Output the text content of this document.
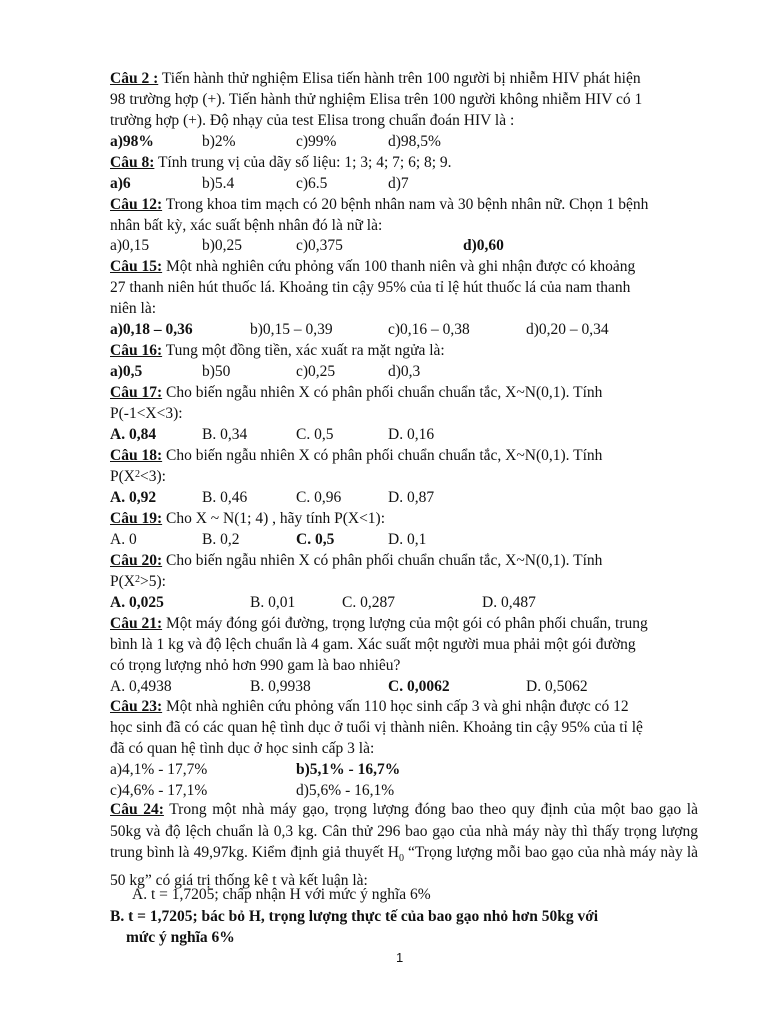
Câu 2 : Tiến hành thử nghiệm Elisa tiến hành trên 100 người bị nhiễm HIV phát hiện
98 trường hợp (+). Tiến hành thử nghiệm Elisa trên 100 người không nhiễm HIV có 1
trường hợp (+). Độ nhạy của test Elisa trong chuẩn đoán HIV là :
a)98%	b)2%	c)99%	d)98,5%
Câu 8: Tính trung vị của dãy số liệu: 1; 3; 4; 7; 6; 8; 9.
a)6	b)5.4	c)6.5	d)7
Câu 12: Trong khoa tim mạch có 20 bệnh nhân nam và 30 bệnh nhân nữ. Chọn 1 bệnh
nhân bất kỳ, xác suất bệnh nhân đó là nữ là:
a)0,15	b)0,25	c)0,375	d)0,60
Câu 15: Một nhà nghiên cứu phỏng vấn 100 thanh niên và ghi nhận được có khoảng
27 thanh niên hút thuốc lá. Khoảng tin cậy 95% của tỉ lệ hút thuốc lá của nam thanh
niên là:
a)0,18 – 0,36	b)0,15 – 0,39	c)0,16 – 0,38	d)0,20 – 0,34
Câu 16: Tung một đồng tiền, xác xuất ra mặt ngửa là:
a)0,5	b)50	c)0,25	d)0,3
Câu 17: Cho biến ngẫu nhiên X có phân phối chuẩn chuẩn tắc, X~N(0,1). Tính
P(-1<X<3):
A. 0,84	B. 0,34	C. 0,5	D. 0,16
Câu 18: Cho biến ngẫu nhiên X có phân phối chuẩn chuẩn tắc, X~N(0,1). Tính
$P(X^2<3)$:
A. 0,92	B. 0,46	C. 0,96	D. 0,87
Câu 19: Cho X ~ N(1; 4) , hãy tính P(X<1):
A. 0	B. 0,2	C. 0,5	D. 0,1
Câu 20: Cho biến ngẫu nhiên X có phân phối chuẩn chuẩn tắc, X~N(0,1). Tính
$P(X^2>5)$:
A. 0,025	B. 0,01	C. 0,287	D. 0,487
Câu 21: Một máy đóng gói đường, trọng lượng của một gói có phân phối chuẩn, trung
bình là 1 kg và độ lệch chuẩn là 4 gam. Xác suất một người mua phải một gói đường
có trọng lượng nhỏ hơn 990 gam là bao nhiêu?
A. 0,4938	B. 0,9938	C. 0,0062	D. 0,5062
Câu 23: Một nhà nghiên cứu phỏng vấn 110 học sinh cấp 3 và ghi nhận được có 12
học sinh đã có các quan hệ tình dục ở tuổi vị thành niên. Khoảng tin cậy 95% của tỉ lệ
đã có quan hệ tình dục ở học sinh cấp 3 là:
a)4,1% - 17,7%	b)5,1% - 16,7%
c)4,6% - 17,1%	d)5,6% - 16,1%
Câu 24: Trong một nhà máy gạo, trọng lượng đóng bao theo quy định của một bao gạo là 50kg và độ lệch chuẩn là 0,3 kg. Cân thử 296 bao gạo của nhà máy này thì thấy trọng lượng trung bình là 49,97kg. Kiểm định giả thuyết $H_0$ “Trọng lượng mỗi bao gạo của nhà máy này là 50 kg” có giá trị thống kê t và kết luận là:
A. t = 1,7205; chấp nhận H với mức ý nghĩa 6%
B. t = 1,7205; bác bỏ H, trọng lượng thực tế của bao gạo nhỏ hơn 50kg với
mức ý nghĩa 6%
1
